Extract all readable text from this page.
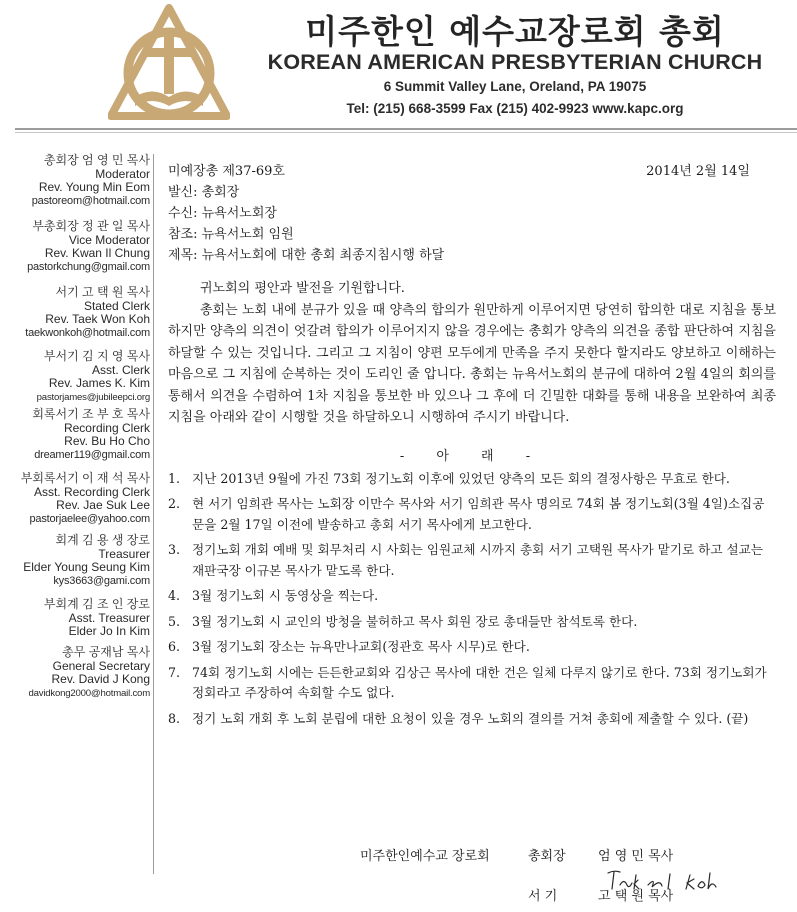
미주한인 예수교장로회 총회
KOREAN AMERICAN PRESBYTERIAN CHURCH
6 Summit Valley Lane, Oreland, PA 19075
Tel: (215) 668-3599 Fax (215) 402-9923 www.kapc.org
총회장 엄 영 민 목사
Moderator
Rev. Young Min Eom
pastoreom@hotmail.com
부총회장 정 관 일 목사
Vice Moderator
Rev. Kwan Il Chung
pastorkchung@gmail.com
서기 고 택 원 목사
Stated Clerk
Rev. Taek Won Koh
taekwonkoh@hotmail.com
부서기 김 지 영 목사
Asst. Clerk
Rev. James K. Kim
pastorjames@jubileepci.org
회록서기 조 부 호 목사
Recording Clerk
Rev. Bu Ho Cho
dreamer119@gmail.com
부회록서기 이 재 석 목사
Asst. Recording Clerk
Rev. Jae Suk Lee
pastorjaelee@yahoo.com
회계 김 용 생 장로
Treasurer
Elder Young Seung Kim
kys3663@gami.com
부회계 김 조 인 장로
Asst. Treasurer
Elder Jo In Kim
총무 공재남 목사
General Secretary
Rev. David J Kong
davidkong2000@hotmail.com
미예장총 제37-69호	2014년 2월 14일
발신: 총회장
수신: 뉴욕서노회장
참조: 뉴욕서노회 임원
제목: 뉴욕서노회에 대한 총회 최종지침시행 하달

귀노회의 평안과 발전을 기원합니다.

총회는 노회 내에 분규가 있을 때 양측의 합의가 원만하게 이루어지면 당연히 합의한 대로 지침을 통보하지만 양측의 의견이 엇갈려 합의가 이루어지지 않을 경우에는 총회가 양측의 의견을 종합 판단하여 지침을 하달할 수 있는 것입니다. 그리고 그 지침이 양편 모두에게 만족을 주지 못한다 할지라도 양보하고 이해하는 마음으로 그 지침에 순복하는 것이 도리인 줄 압니다. 총회는 뉴욕서노회의 분규에 대하여 2월 4일의 회의를 통해서 의견을 수렴하여 1차 지침을 통보한 바 있으나 그 후에 더 긴밀한 대화를 통해 내용을 보완하여 최종 지침을 아래와 같이 시행할 것을 하달하오니 시행하여 주시기 바랍니다.

- 아 래 -
1. 지난 2013년 9월에 가진 73회 정기노회 이후에 있었던 양측의 모든 회의 결정사항은 무효로 한다.
2. 현 서기 임희관 목사는 노회장 이만수 목사와 서기 임희관 목사 명의로 74회 봄 정기노회(3월 4일)소집공문을 2월 17일 이전에 발송하고 총회 서기 목사에게 보고한다.
3. 정기노회 개회 예배 및 회무처리 시 사회는 임원교체 시까지 총회 서기 고택원 목사가 맡기로 하고 설교는 재판국장 이규본 목사가 맡도록 한다.
4. 3월 정기노회 시 동영상을 찍는다.
5. 3월 정기노회 시 교인의 방청을 불허하고 목사 회원 장로 총대들만 참석토록 한다.
6. 3월 정기노회 장소는 뉴욕만나교회(정관호 목사 시무)로 한다.
7. 74회 정기노회 시에는 든든한교회와 김상근 목사에 대한 건은 일체 다루지 않기로 한다. 73회 정기노회가 정회라고 주장하여 속회할 수도 없다.
8. 정기 노회 개회 후 노회 분립에 대한 요청이 있을 경우 노회의 결의를 거쳐 총회에 제출할 수 있다. (끝)
미주한인예수교 장로회	총회장 엄 영 민 목사
서 기	고 택 원 목사
